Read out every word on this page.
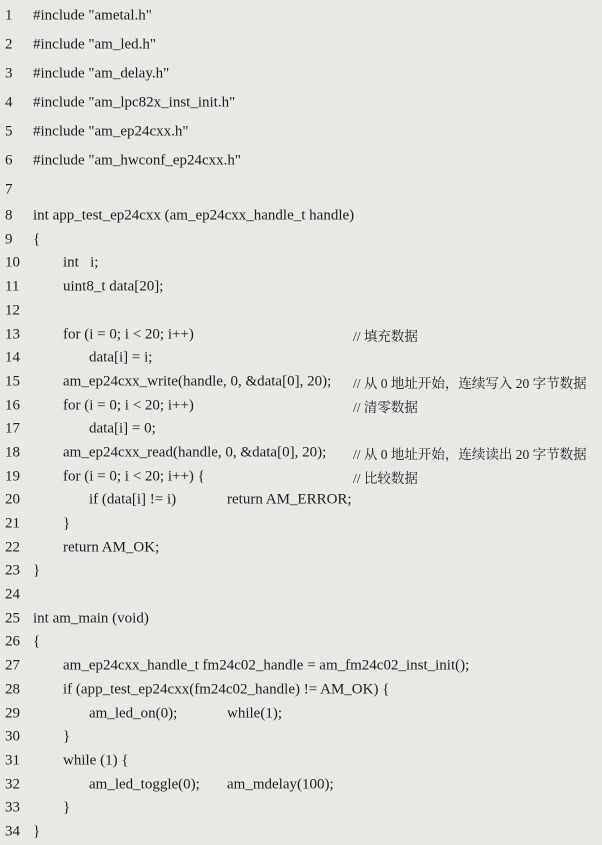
1	#include "ametal.h"
2	#include "am_led.h"
3	#include "am_delay.h"
4	#include "am_lpc82x_inst_init.h"
5	#include "am_ep24cxx.h"
6	#include "am_hwconf_ep24cxx.h"
7
8	int app_test_ep24cxx (am_ep24cxx_handle_t handle)
9	{
10	int   i;
11	uint8_t data[20];
12
13	for (i = 0; i < 20; i++)	// 填充数据
14	data[i] = i;
15	am_ep24cxx_write(handle, 0, &data[0], 20); // 从 0 地址开始，连续写入 20 字节数据
16	for (i = 0; i < 20; i++)	// 清零数据
17	data[i] = 0;
18	am_ep24cxx_read(handle, 0, &data[0], 20); // 从 0 地址开始，连续读出 20 字节数据
19	for (i = 0; i < 20; i++) {	// 比较数据
20	if (data[i] != i)	return AM_ERROR;
21	}
22	return AM_OK;
23 }
24
25 int am_main (void)
26 {
27	am_ep24cxx_handle_t fm24c02_handle = am_fm24c02_inst_init();
28	if (app_test_ep24cxx(fm24c02_handle) != AM_OK) {
29	am_led_on(0);	while(1);
30	}
31	while (1) {
32	am_led_toggle(0); am_mdelay(100);
33	}
34 }
